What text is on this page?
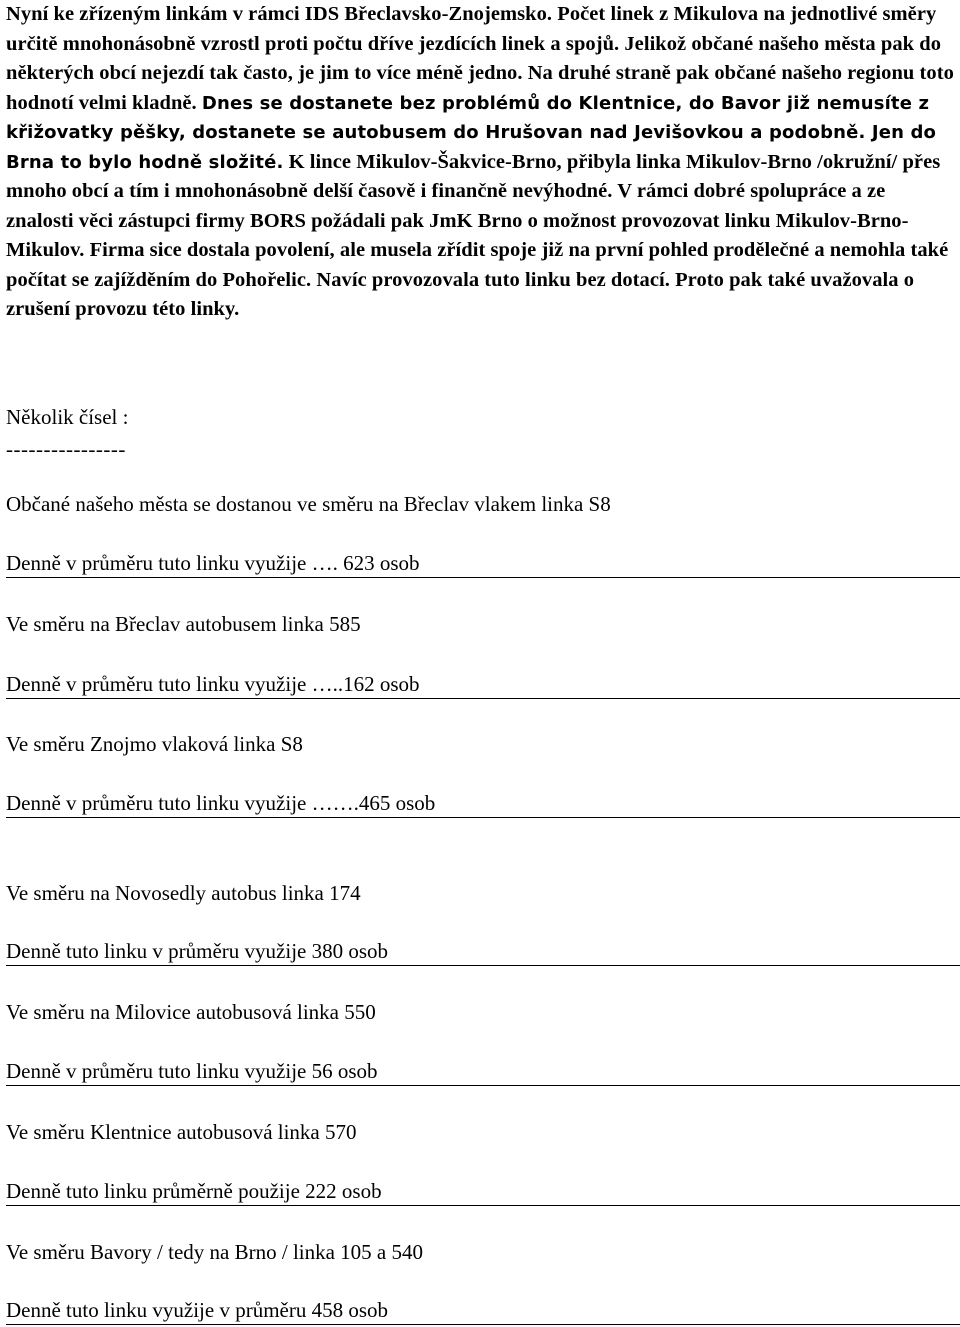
Nyní ke zřízeným linkám v rámci IDS Břeclavsko-Znojemsko. Počet linek z Mikulova na jednotlivé směry určitě mnohonásobně vzrostl proti počtu dříve jezdících linek a spojů. Jelikož občané našeho města pak do některých obcí nejezdí tak často, je jim to více méně jedno. Na druhé straně pak občané našeho regionu toto hodnotí velmi kladně. Dnes se dostanete bez problémů do Klentnice, do Bavor již nemusíte z křižovatky pěšky, dostanete se autobusem do Hrušovan nad Jevišovkou a podobně. Jen do Brna to bylo hodně složité. K lince Mikulov-Šakvice-Brno, přibyla linka Mikulov-Brno /okružní/ přes mnoho obcí a tím i mnohonásobně delší časově i finančně nevýhodné. V rámci dobré spolupráce a ze znalosti věci zástupci firmy BORS požádali pak JmK Brno o možnost provozovat linku Mikulov-Brno-Mikulov. Firma sice dostala povolení, ale musela zřídit spoje již na první pohled prodělečné a nemohla také počítat se zajížděním do Pohořelic. Navíc provozovala tuto linku bez dotací. Proto pak také uvažovala o zrušení provozu této linky.

Několik čísel :

----------------

Občané našeho města se dostanou ve směru na Břeclav vlakem linka S8

Denně v průměru tuto linku využije …. 623 osob

Ve směru na Břeclav autobusem linka 585

Denně v průměru tuto linku využije …..162 osob

Ve směru Znojmo vlaková linka S8

Denně v průměru tuto linku využije …….465 osob

Ve směru na Novosedly autobus linka 174

Denně tuto linku v průměru využije 380 osob

Ve směru na Milovice autobusová linka 550

Denně v průměru tuto linku využije 56 osob

Ve směru Klentnice autobusová linka 570

Denně tuto linku průměrně použije 222 osob

Ve směru Bavory / tedy na Brno / linka 105 a 540

Denně tuto linku využije v průměru 458 osob
